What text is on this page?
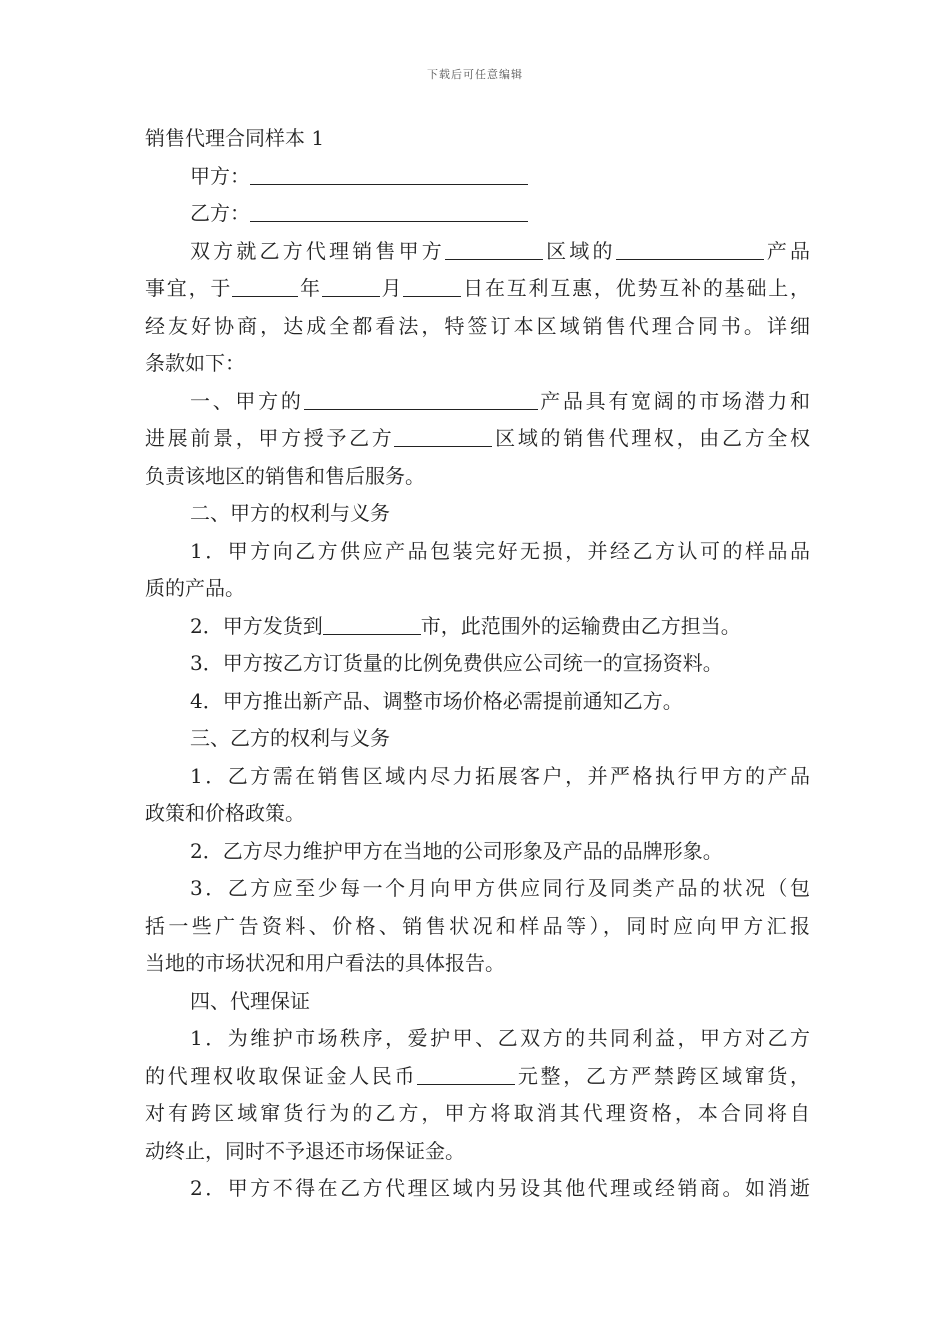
下载后可任意编辑
销售代理合同样本 1
甲方：
乙方：
双方就乙方代理销售甲方	区域的	产品
事宜，于	年	月	日在互利互惠，优势互补的基础上，
经友好协商，达成全都看法，特签订本区域销售代理合同书。详细
条款如下：
一、甲方的	产品具有宽阔的市场潜力和
进展前景，甲方授予乙方	区域的销售代理权，由乙方全权
负责该地区的销售和售后服务。
二、甲方的权利与义务
1．甲方向乙方供应产品包装完好无损，并经乙方认可的样品品
质的产品。
2．甲方发货到	市，此范围外的运输费由乙方担当。
3．甲方按乙方订货量的比例免费供应公司统一的宣扬资料。
4．甲方推出新产品、调整市场价格必需提前通知乙方。
三、乙方的权利与义务
1．乙方需在销售区域内尽力拓展客户，并严格执行甲方的产品
政策和价格政策。
2．乙方尽力维护甲方在当地的公司形象及产品的品牌形象。
3．乙方应至少每一个月向甲方供应同行及同类产品的状况（包
括一些广告资料、价格、销售状况和样品等），同时应向甲方汇报
当地的市场状况和用户看法的具体报告。
四、代理保证
1．为维护市场秩序，爱护甲、乙双方的共同利益，甲方对乙方
的代理权收取保证金人民币	元整，乙方严禁跨区域窜货，
对有跨区域窜货行为的乙方，甲方将取消其代理资格，本合同将自
动终止，同时不予退还市场保证金。
2．甲方不得在乙方代理区域内另设其他代理或经销商。如消逝
